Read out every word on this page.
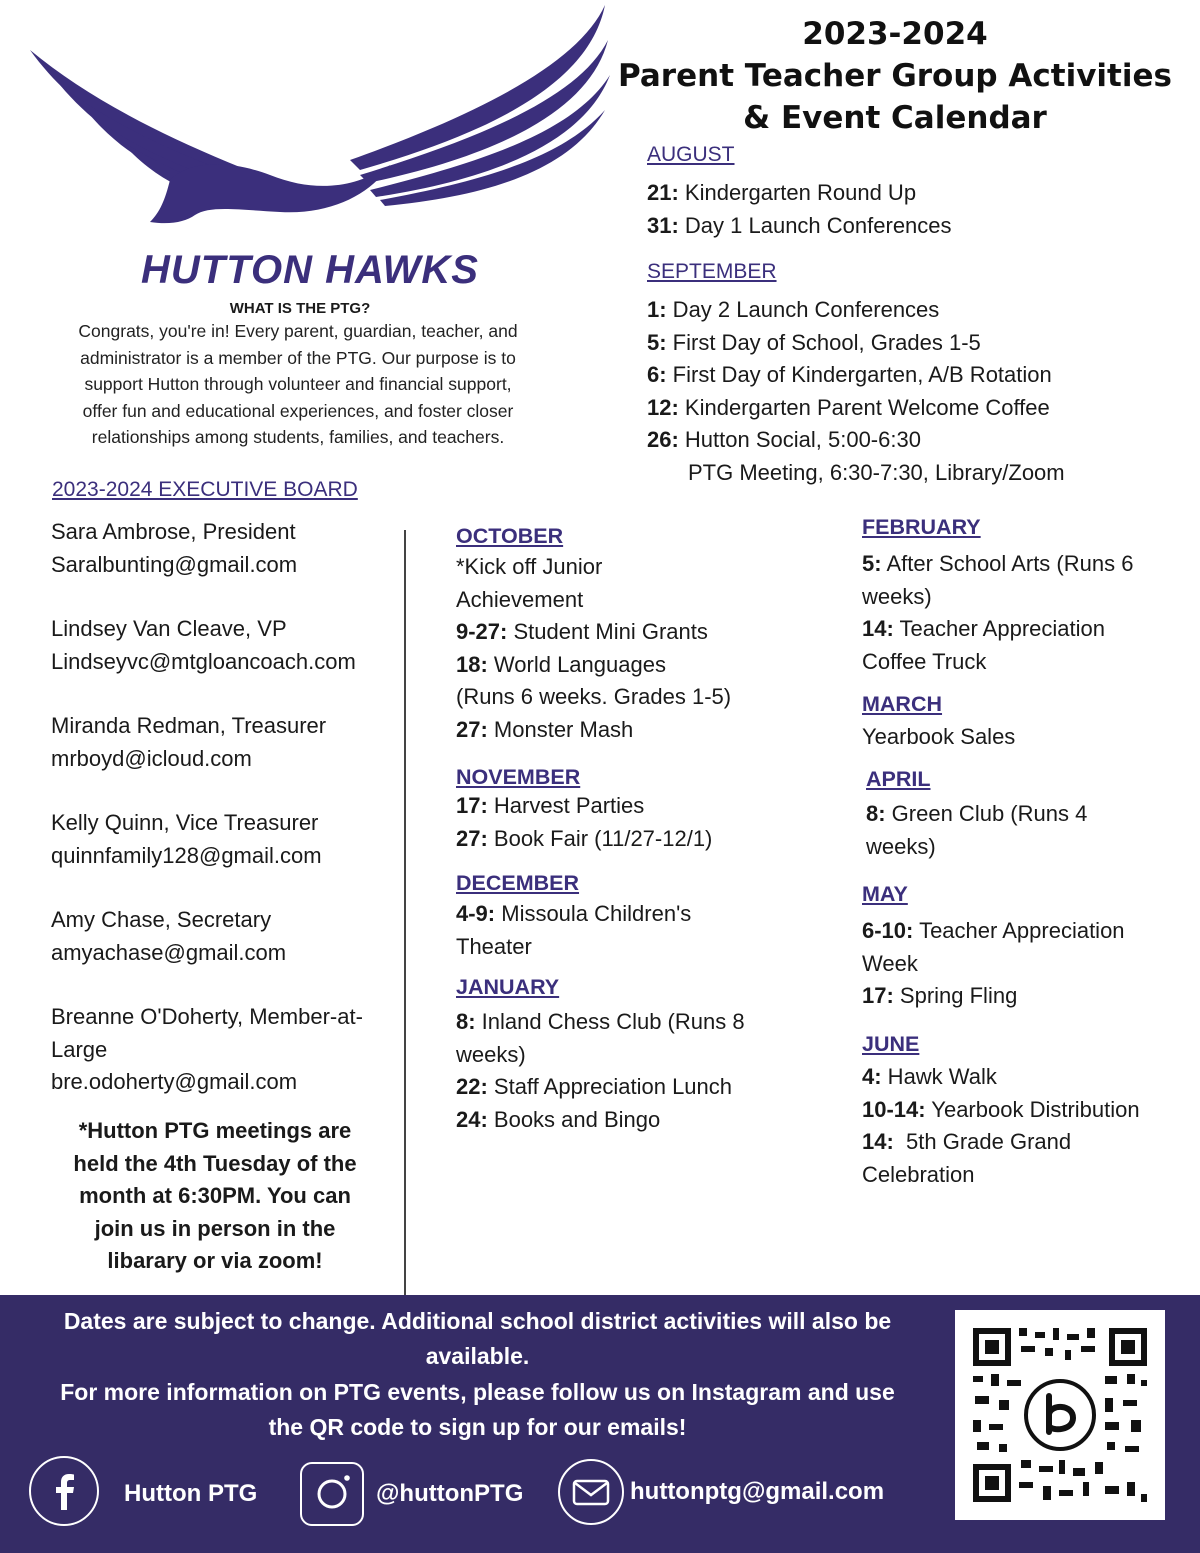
HUTTON HAWKS
WHAT IS THE PTG?
Congrats, you're in! Every parent, guardian, teacher, and
administrator is a member of the PTG. Our purpose is to
support Hutton through volunteer and financial support,
offer fun and educational experiences, and foster closer
relationships among students, families, and teachers.
2023-2024
Parent Teacher Group Activities
& Event Calendar
AUGUST
21: Kindergarten Round Up
31: Day 1 Launch Conferences
SEPTEMBER
1: Day 2 Launch Conferences
5: First Day of School, Grades 1-5
6: First Day of Kindergarten, A/B Rotation
12: Kindergarten Parent Welcome Coffee
26: Hutton Social, 5:00-6:30
PTG Meeting, 6:30-7:30, Library/Zoom
2023-2024 EXECUTIVE BOARD
Sara Ambrose, President
Saralbunting@gmail.com
Lindsey Van Cleave, VP
Lindseyvc@mtgloancoach.com
Miranda Redman, Treasurer
mrboyd@icloud.com
Kelly Quinn, Vice Treasurer
quinnfamily128@gmail.com
Amy Chase, Secretary
amyachase@gmail.com
Breanne O'Doherty, Member-at-
Large
bre.odoherty@gmail.com
*Hutton PTG meetings are
held the 4th Tuesday of the
month at 6:30PM. You can
join us in person in the
libarary or via zoom!
OCTOBER
*Kick off Junior
Achievement
9-27: Student Mini Grants
18: World Languages
(Runs 6 weeks. Grades 1-5)
27: Monster Mash
NOVEMBER
17: Harvest Parties
27: Book Fair (11/27-12/1)
DECEMBER
4-9: Missoula Children's
Theater
JANUARY
8: Inland Chess Club (Runs 8
weeks)
22: Staff Appreciation Lunch
24: Books and Bingo
FEBRUARY
5: After School Arts (Runs 6
weeks)
14: Teacher Appreciation
Coffee Truck
MARCH
Yearbook Sales
APRIL
8: Green Club (Runs 4
weeks)
MAY
6-10: Teacher Appreciation
Week
17: Spring Fling
JUNE
4: Hawk Walk
10-14: Yearbook Distribution
14:  5th Grade Grand
Celebration
Dates are subject to change. Additional school district activities will also be
available.
For more information on PTG events, please follow us on Instagram and use
the QR code to sign up for our emails!
Hutton PTG	@huttonPTG	huttonptg@gmail.com
